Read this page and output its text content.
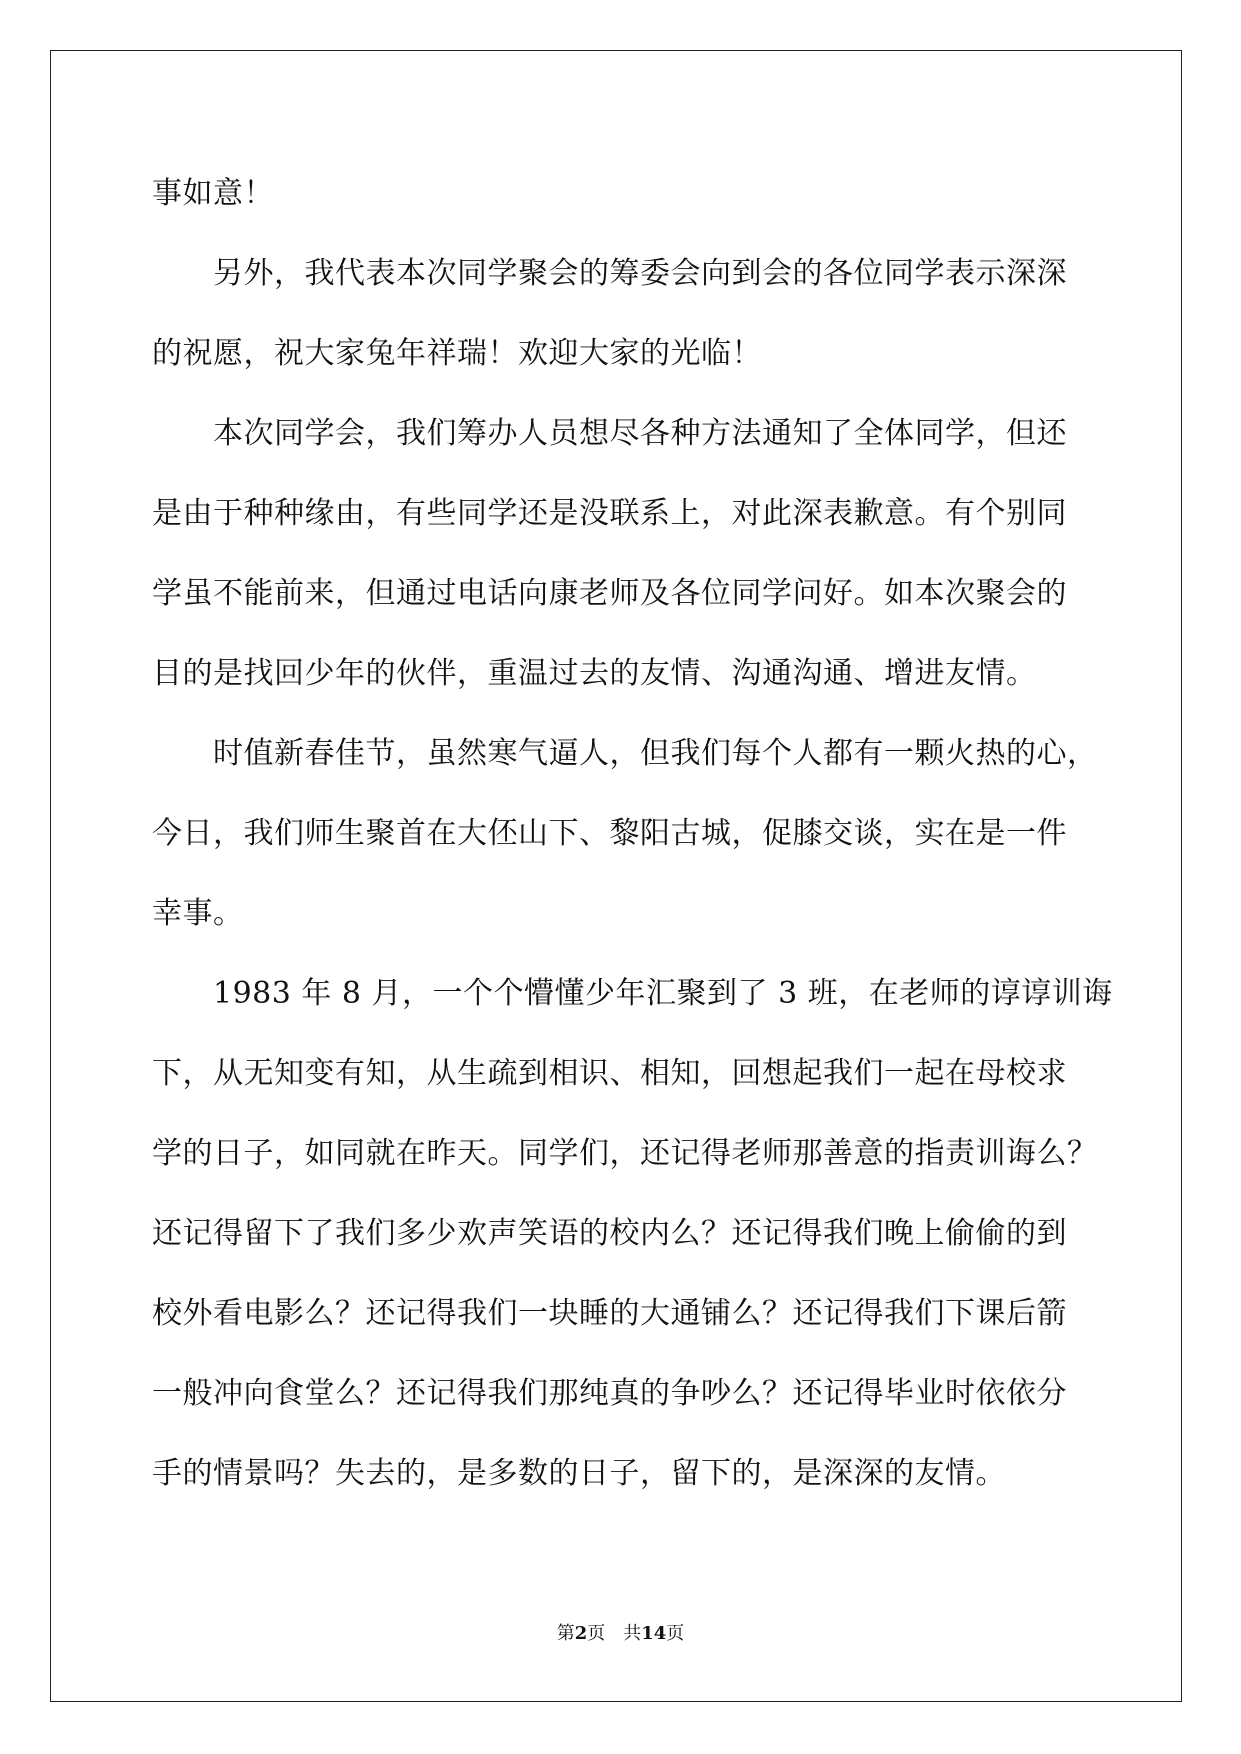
事如意！
另外，我代表本次同学聚会的筹委会向到会的各位同学表示深深
的祝愿，祝大家兔年祥瑞！欢迎大家的光临！
本次同学会，我们筹办人员想尽各种方法通知了全体同学，但还
是由于种种缘由，有些同学还是没联系上，对此深表歉意。有个别同
学虽不能前来，但通过电话向康老师及各位同学问好。如本次聚会的
目的是找回少年的伙伴，重温过去的友情、沟通沟通、增进友情。
时值新春佳节，虽然寒气逼人，但我们每个人都有一颗火热的心，
今日，我们师生聚首在大伾山下、黎阳古城，促膝交谈，实在是一件
幸事。
1983 年 8 月，一个个懵懂少年汇聚到了 3 班，在老师的谆谆训诲
下，从无知变有知，从生疏到相识、相知，回想起我们一起在母校求
学的日子，如同就在昨天。同学们，还记得老师那善意的指责训诲么？
还记得留下了我们多少欢声笑语的校内么？还记得我们晚上偷偷的到
校外看电影么？还记得我们一块睡的大通铺么？还记得我们下课后箭
一般冲向食堂么？还记得我们那纯真的争吵么？还记得毕业时依依分
手的情景吗？失去的，是多数的日子，留下的，是深深的友情。
第2页 共14页
